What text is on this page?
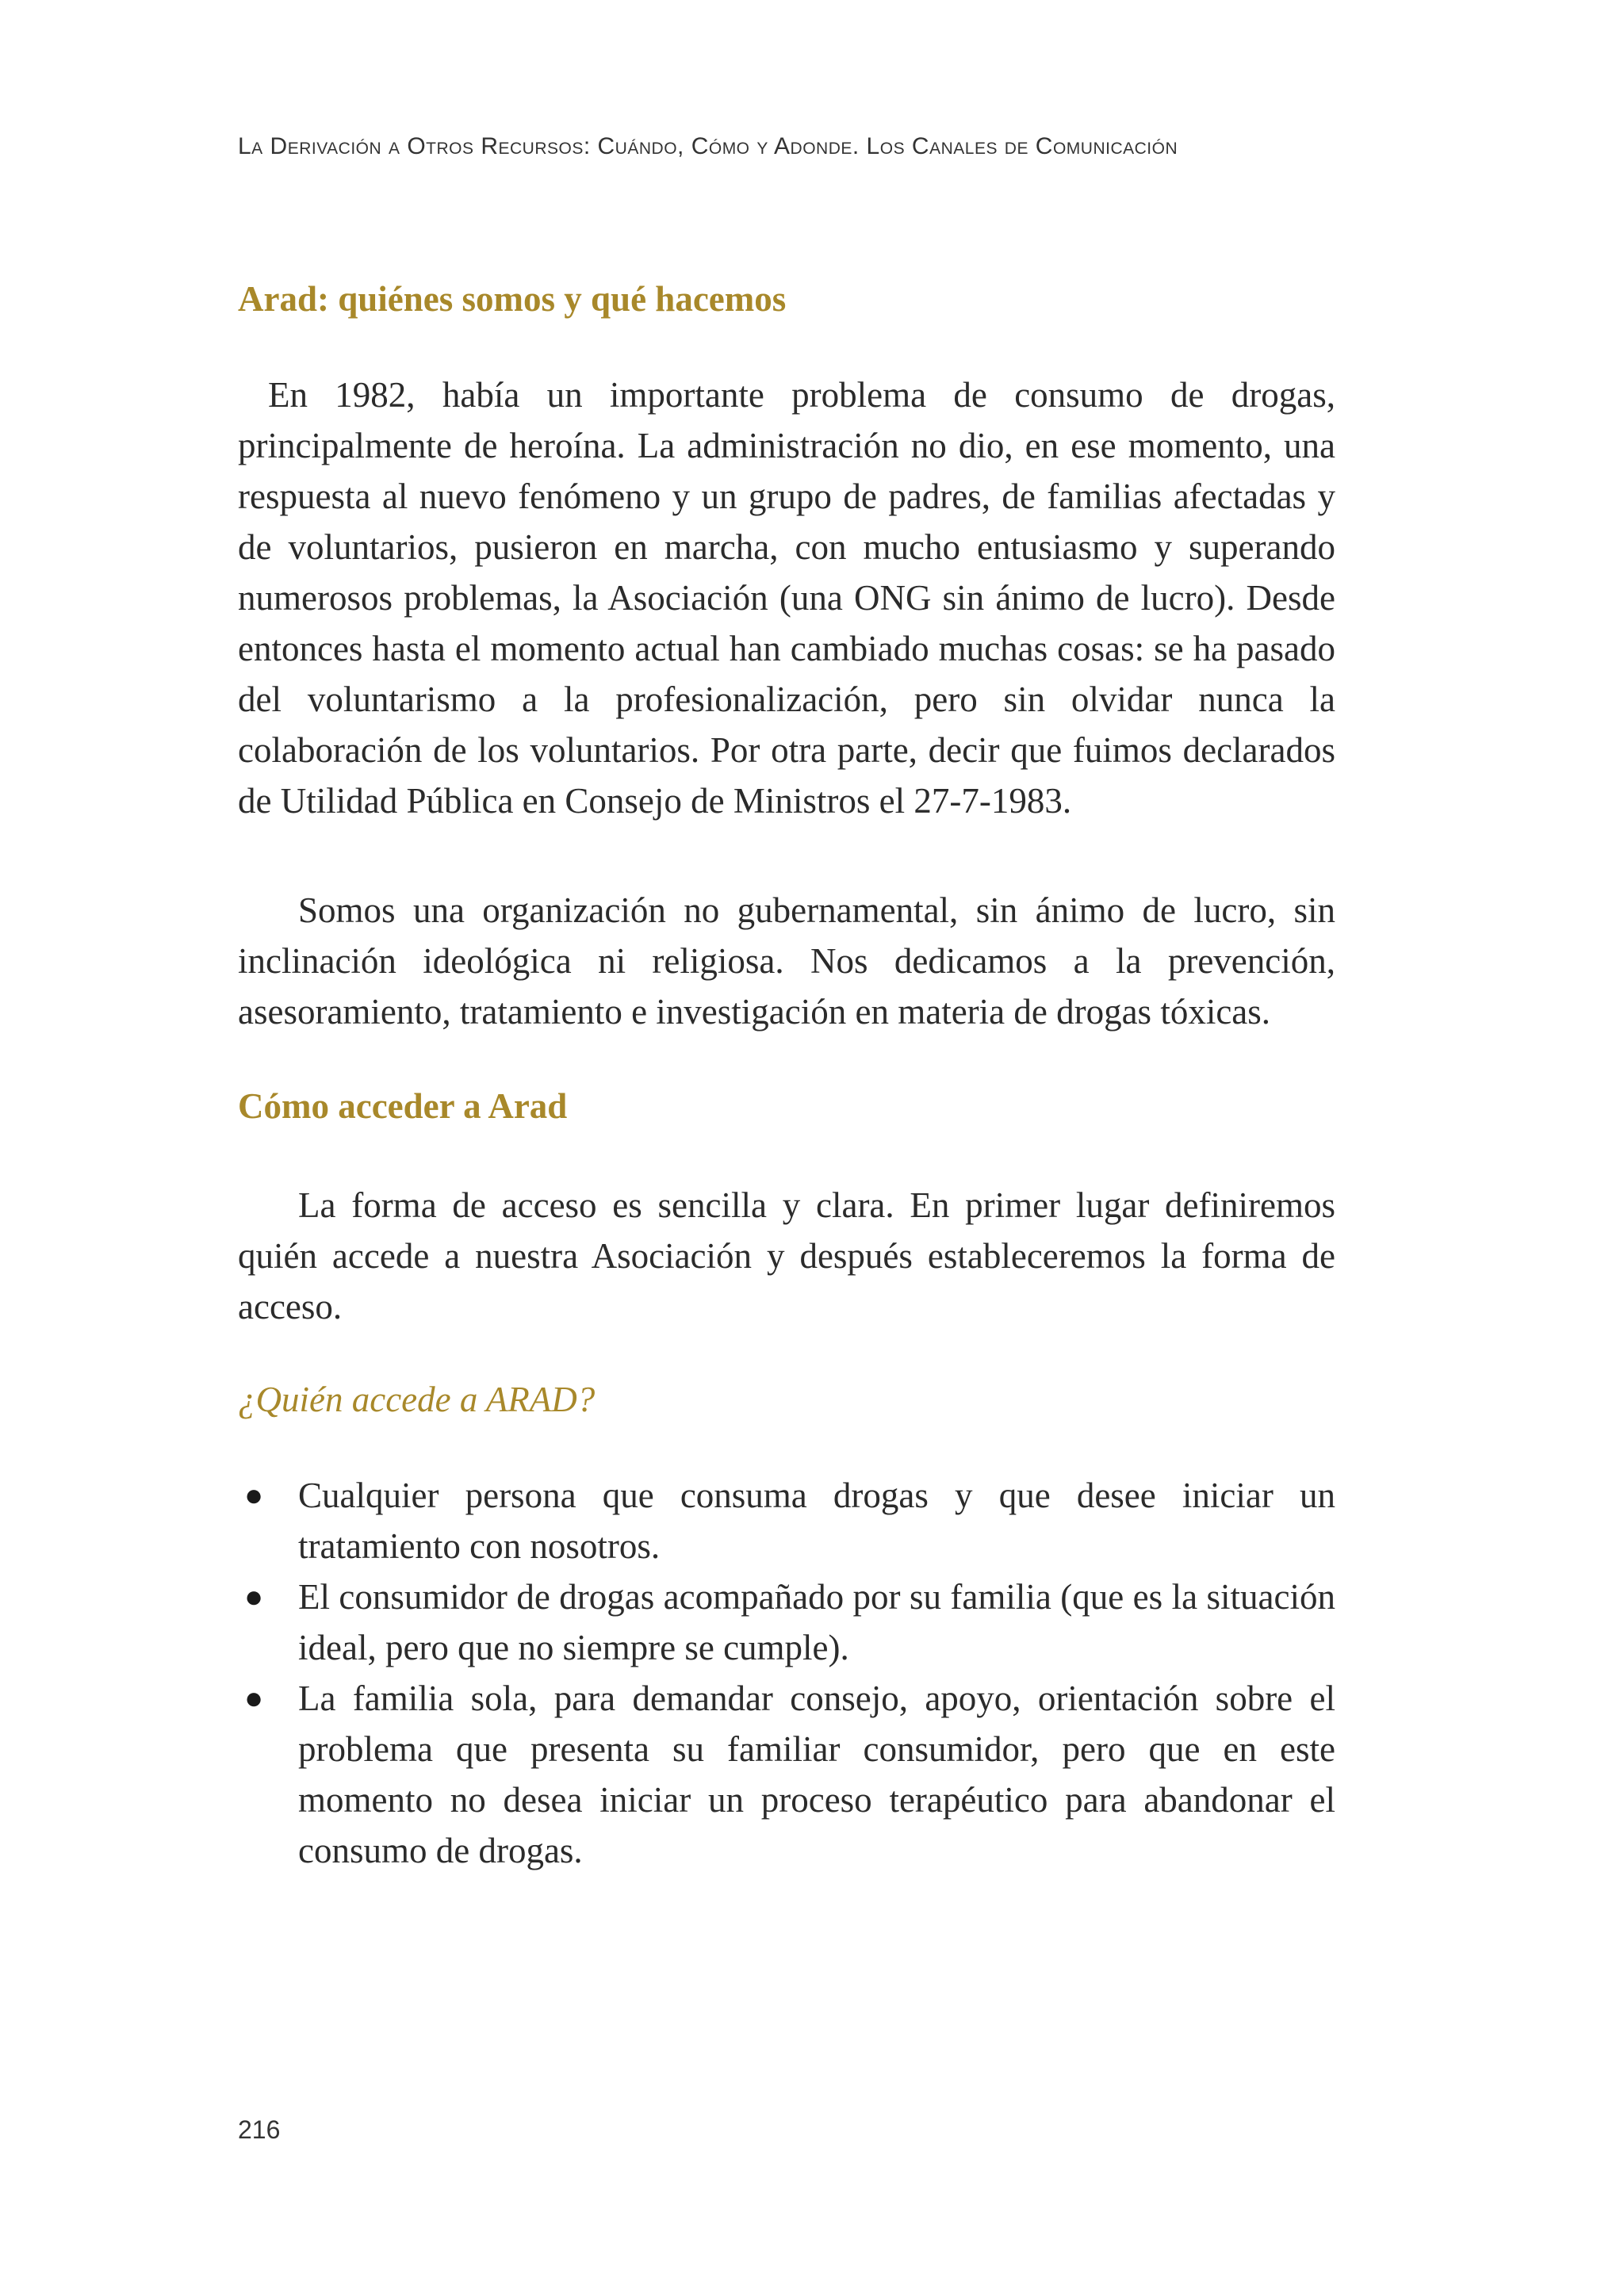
La Derivación a Otros Recursos: Cuándo, Cómo y Adonde. Los Canales de Comunicación
Arad: quiénes somos y qué hacemos

En 1982, había un importante problema de consumo de drogas, principalmente de heroína. La administración no dio, en ese momento, una respuesta al nuevo fenómeno y un grupo de padres, de familias afectadas y de voluntarios, pusieron en marcha, con mucho entusiasmo y superando numerosos problemas, la Asociación (una ONG sin ánimo de lucro). Desde entonces hasta el momento actual han cambiado muchas cosas: se ha pasado del voluntarismo a la profesionalización, pero sin olvidar nunca la colaboración de los voluntarios. Por otra parte, decir que fuimos declarados de Utilidad Pública en Consejo de Ministros el 27-7-1983.

Somos una organización no gubernamental, sin ánimo de lucro, sin inclinación ideológica ni religiosa. Nos dedicamos a la prevención, asesoramiento, tratamiento e investigación en materia de drogas tóxicas.

Cómo acceder a Arad

La forma de acceso es sencilla y clara. En primer lugar definiremos quién accede a nuestra Asociación y después estableceremos la forma de acceso.

¿Quién accede a ARAD?
● Cualquier persona que consuma drogas y que desee iniciar un tratamiento con nosotros.
● El consumidor de drogas acompañado por su familia (que es la situación ideal, pero que no siempre se cumple).
● La familia sola, para demandar consejo, apoyo, orientación sobre el problema que presenta su familiar consumidor, pero que en este momento no desea iniciar un proceso terapéutico para abandonar el consumo de drogas.
216
